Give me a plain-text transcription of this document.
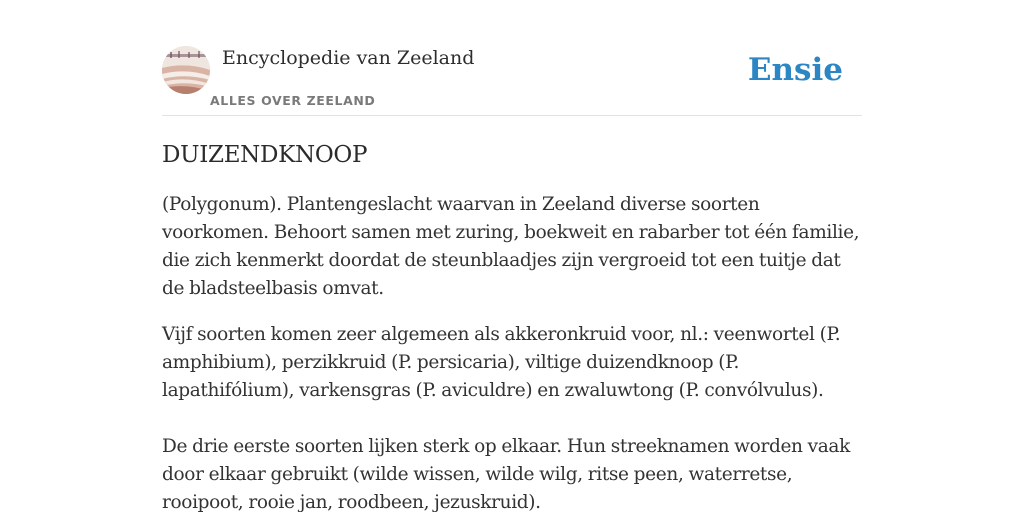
Encyclopedie van Zeeland
ALLES OVER ZEELAND
Ensie
DUIZENDKNOOP

(Polygonum). Plantengeslacht waarvan in Zeeland diverse soorten voorkomen. Behoort samen met zuring, boekweit en rabarber tot één familie, die zich kenmerkt doordat de steunblaadjes zijn vergroeid tot een tuitje dat de bladsteelbasis omvat.

Vijf soorten komen zeer algemeen als akkeronkruid voor, nl.: veenwortel (P. amphibium), perzikkruid (P. persicaria), viltige duizendknoop (P. lapathifólium), varkensgras (P. aviculdre) en zwaluwtong (P. convólvulus).

De drie eerste soorten lijken sterk op elkaar. Hun streeknamen worden vaak door elkaar gebruikt (wilde wissen, wilde wilg, ritse peen, waterretse, rooipoot, rooie jan, roodbeen, jezuskruid).
